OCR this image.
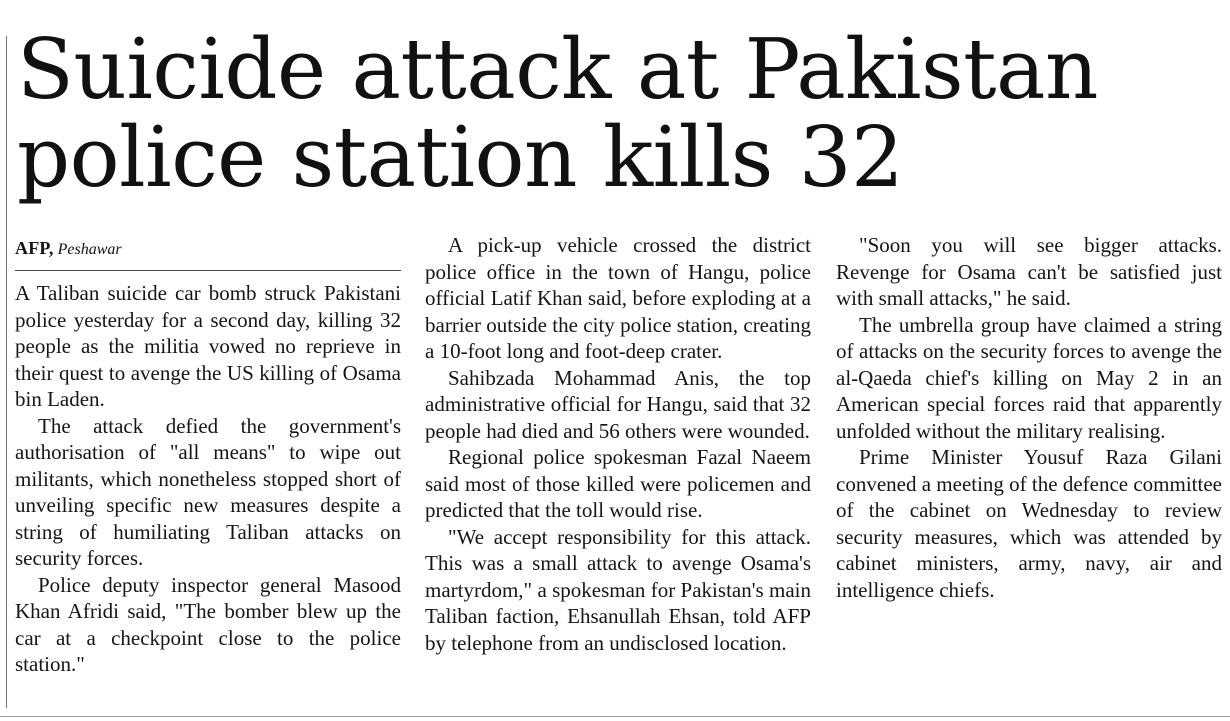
Suicide attack at Pakistan
police station kills 32
AFP, Peshawar

A Taliban suicide car bomb struck Pakistani police yesterday for a second day, killing 32 people as the militia vowed no reprieve in their quest to avenge the US killing of Osama bin Laden.

The attack defied the government's authorisation of "all means" to wipe out militants, which nonetheless stopped short of unveiling specific new measures despite a string of humiliating Taliban attacks on security forces.

Police deputy inspector general Masood Khan Afridi said, "The bomber blew up the car at a checkpoint close to the police station."

A pick-up vehicle crossed the district police office in the town of Hangu, police official Latif Khan said, before exploding at a barrier outside the city police station, creating a 10-foot long and foot-deep crater.

Sahibzada Mohammad Anis, the top administrative official for Hangu, said that 32 people had died and 56 others were wounded.

Regional police spokesman Fazal Naeem said most of those killed were policemen and predicted that the toll would rise.

"We accept responsibility for this attack. This was a small attack to avenge Osama's martyrdom," a spokesman for Pakistan's main Taliban faction, Ehsanullah Ehsan, told AFP by telephone from an undisclosed location.

"Soon you will see bigger attacks. Revenge for Osama can't be satisfied just with small attacks," he said.

The umbrella group have claimed a string of attacks on the security forces to avenge the al-Qaeda chief's killing on May 2 in an American special forces raid that apparently unfolded without the military realising.

Prime Minister Yousuf Raza Gilani convened a meeting of the defence committee of the cabinet on Wednesday to review security measures, which was attended by cabinet ministers, army, navy, air and intelligence chiefs.
